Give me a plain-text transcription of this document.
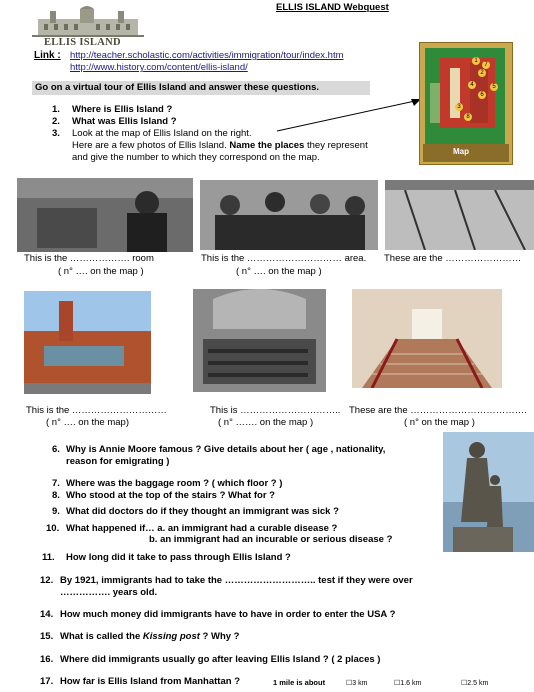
ELLIS ISLAND Webquest
ELLIS ISLAND
Link : http://teacher.scholastic.com/activities/immigration/tour/index.htm
http://www.history.com/content/ellis-island/
Go on a virtual tour of Ellis Island and answer these questions.
1. Where is Ellis Island ?
2. What was Ellis Island ?
3. Look at the map of Ellis Island on the right.
Here are a few photos of Ellis Island. Name the places they represent
and give the number to which they correspond on the map.
Map
1
2
3
4	5
6
7
8
This is the ………………. room
( n° …. on the map )
This is the ………………………… area.
( n° …. on the map )
These are the ……………………
This is the …………………………
( n° …. on the map)
This is …………………………..
( n° ……. on the map )
These are the ……………………………….
( n° on the map )
6. Why is Annie Moore famous ? Give details about her ( age , nationality,
reason for emigrating )
7. Where was the baggage room ? ( which floor ? )
8. Who stood at the top of the stairs ? What for ?
9. What did doctors do if they thought an immigrant was sick ?
10. What happened if… a. an immigrant had a curable disease ?
b. an immigrant had an incurable or serious disease ?
11. How long did it take to pass through Ellis Island ?
12. By 1921, immigrants had to take the ……………………….. test if they were over
……………. years old.
14. How much money did immigrants have to have in order to enter the USA ?
15. What is called the Kissing post ? Why ?
16. Where did immigrants usually go after leaving Ellis Island ? ( 2 places )
17. How far is Ellis Island from Manhattan ?	1 mile is about	☐3 km	☐1.6 km	☐2.5 km
